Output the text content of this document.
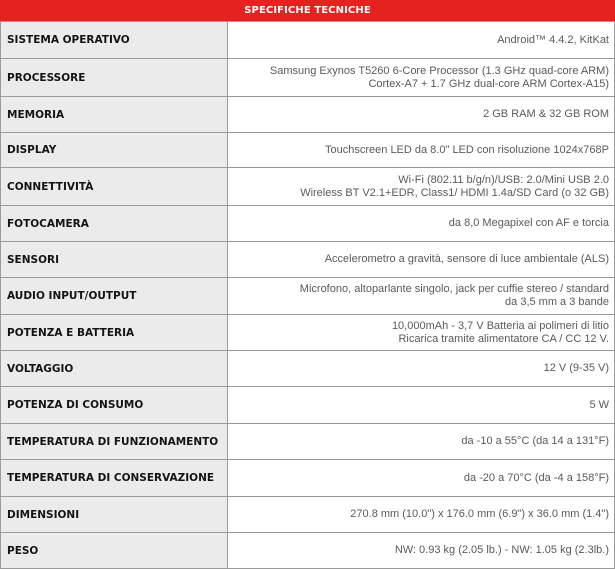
SPECIFICHE TECNICHE
SISTEMA OPERATIVO	Android™ 4.4.2, KitKat

PROCESSORE	Samsung Exynos T5260 6-Core Processor (1.3 GHz quad-core ARM)
Cortex-A7 + 1.7 GHz dual-core ARM Cortex-A15)

MEMORIA	2 GB RAM & 32 GB ROM

DISPLAY	Touchscreen LED da 8.0" LED con risoluzione 1024x768P

CONNETTIVITÀ	Wi-Fi (802.11 b/g/n)/USB: 2.0/Mini USB 2.0
Wireless BT V2.1+EDR, Class1/ HDMI 1.4a/SD Card (o 32 GB)

FOTOCAMERA	da 8,0 Megapixel con AF e torcia

SENSORI	Accelerometro a gravità, sensore di luce ambientale (ALS)

AUDIO INPUT/OUTPUT	Microfono, altoparlante singolo, jack per cuffie stereo / standard
da 3,5 mm a 3 bande

POTENZA E BATTERIA	10,000mAh - 3,7 V Batteria ai polimeri di litio
Ricarica tramite alimentatore CA / CC 12 V.

VOLTAGGIO	12 V (9-35 V)

POTENZA DI CONSUMO	5 W

TEMPERATURA DI FUNZIONAMENTO	da -10 a 55°C (da 14 a 131°F)

TEMPERATURA DI CONSERVAZIONE	da -20 a 70°C (da -4 a 158°F)

DIMENSIONI	270.8 mm (10.0") x 176.0 mm (6.9") x 36.0 mm (1.4")

PESO	NW: 0.93 kg (2.05 lb.) - NW: 1.05 kg (2.3lb.)
